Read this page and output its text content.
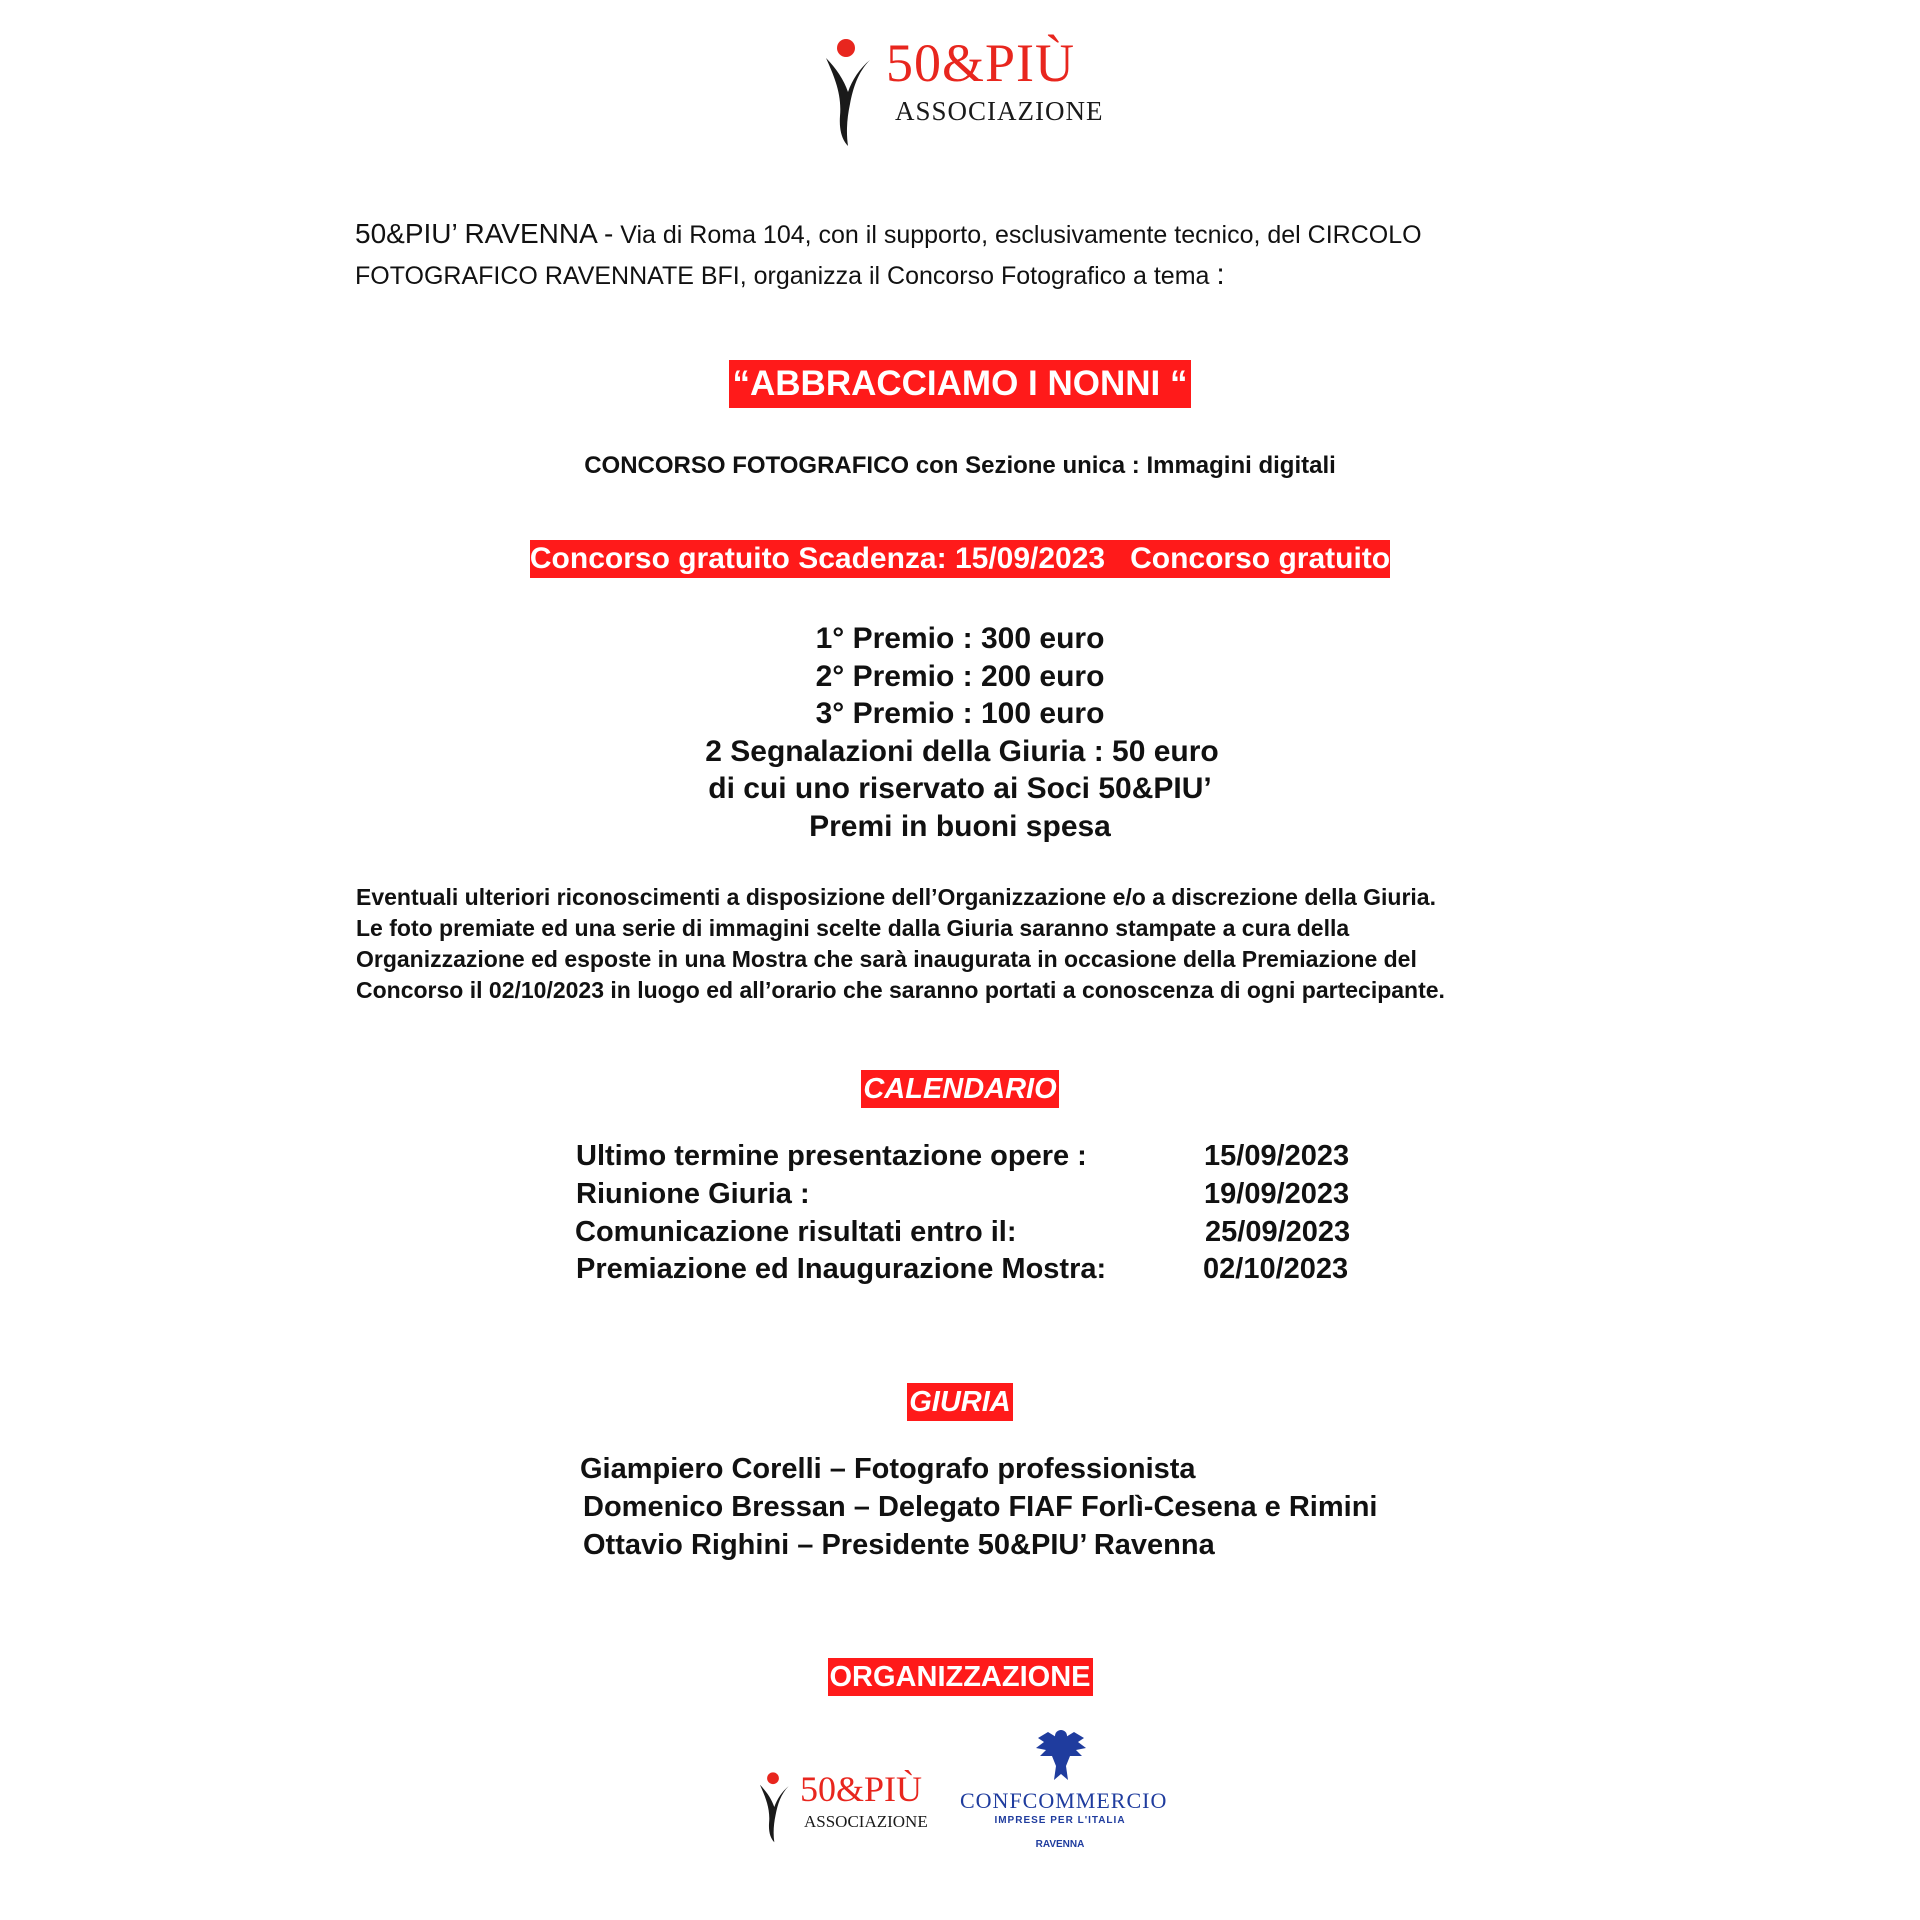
50&PIÙ
ASSOCIAZIONE
50&PIU’ RAVENNA - Via di Roma 104, con il supporto, esclusivamente tecnico, del CIRCOLO
FOTOGRAFICO RAVENNATE BFI, organizza il Concorso Fotografico a tema :
“ABBRACCIAMO I NONNI “
CONCORSO FOTOGRAFICO con Sezione unica : Immagini digitali
Concorso gratuito Scadenza: 15/09/2023   Concorso gratuito
1° Premio : 300 euro
2° Premio : 200 euro
3° Premio : 100 euro
2 Segnalazioni della Giuria : 50 euro
di cui uno riservato ai Soci 50&PIU’
Premi in buoni spesa
Eventuali ulteriori riconoscimenti a disposizione dell’Organizzazione e/o a discrezione della Giuria.
Le foto premiate ed una serie di immagini scelte dalla Giuria saranno stampate a cura della
Organizzazione ed esposte in una Mostra che sarà inaugurata in occasione della Premiazione del
Concorso il 02/10/2023 in luogo ed all’orario che saranno portati a conoscenza di ogni partecipante.
CALENDARIO
Ultimo termine presentazione opere :	15/09/2023
Riunione Giuria :	19/09/2023
Comunicazione risultati entro il:	25/09/2023
Premiazione ed Inaugurazione Mostra:	02/10/2023
GIURIA
Giampiero Corelli – Fotografo professionista
Domenico Bressan – Delegato FIAF Forlì-Cesena e Rimini
Ottavio Righini – Presidente 50&PIU’ Ravenna
ORGANIZZAZIONE
50&PIÙ
ASSOCIAZIONE
CONFCOMMERCIO
IMPRESE PER L'ITALIA
RAVENNA
